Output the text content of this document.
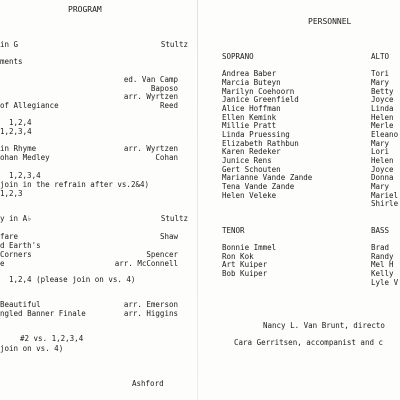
PROGRAM
in G
ments
of Allegiance
1,2,4
1,2,3,4
in Rhyme
ohan Medley
1,2,3,4
join in the refrain after vs.2&4)
1,2,3
y in A♭
fare
d Earth's
Corners
e
1,2,4 (please join on vs. 4)
Beautiful
ngled Banner Finale
#2 vs. 1,2,3,4
join on vs. 4)
Ashford
Stultz
ed. Van Camp
Baposo
arr. Wyrtzen
Reed
arr. Wyrtzen
Cohan
Stultz
Shaw
Spencer
arr. McConnell
arr. Emerson
arr. Higgins
PERSONNEL
SOPRANO	ALTO
Andrea Baber
Marcia Buteyn
Marilyn Coehoorn
Janice Greenfield
Alice Hoffman
Ellen Kemink
Millie Pratt
Linda Pruessing
Elizabeth Rathbun
Karen Redeker
Junice Rens
Gert Schouten
Marianne Vande Zande
Tena Vande Zande
Helen Veleke
Tori
Mary
Betty
Joyce
Linda
Helen
Merle
Eleano
Mary
Lori
Helen
Joyce
Donna
Mary
Mariel
Shirle
TENOR	BASS
Bonnie Immel
Ron Kok
Art Kuiper
Bob Kuiper
Brad
Randy
Mel H
Kelly
Lyle V
Nancy L. Van Brunt, directo
Cara Gerritsen, accompanist and c
